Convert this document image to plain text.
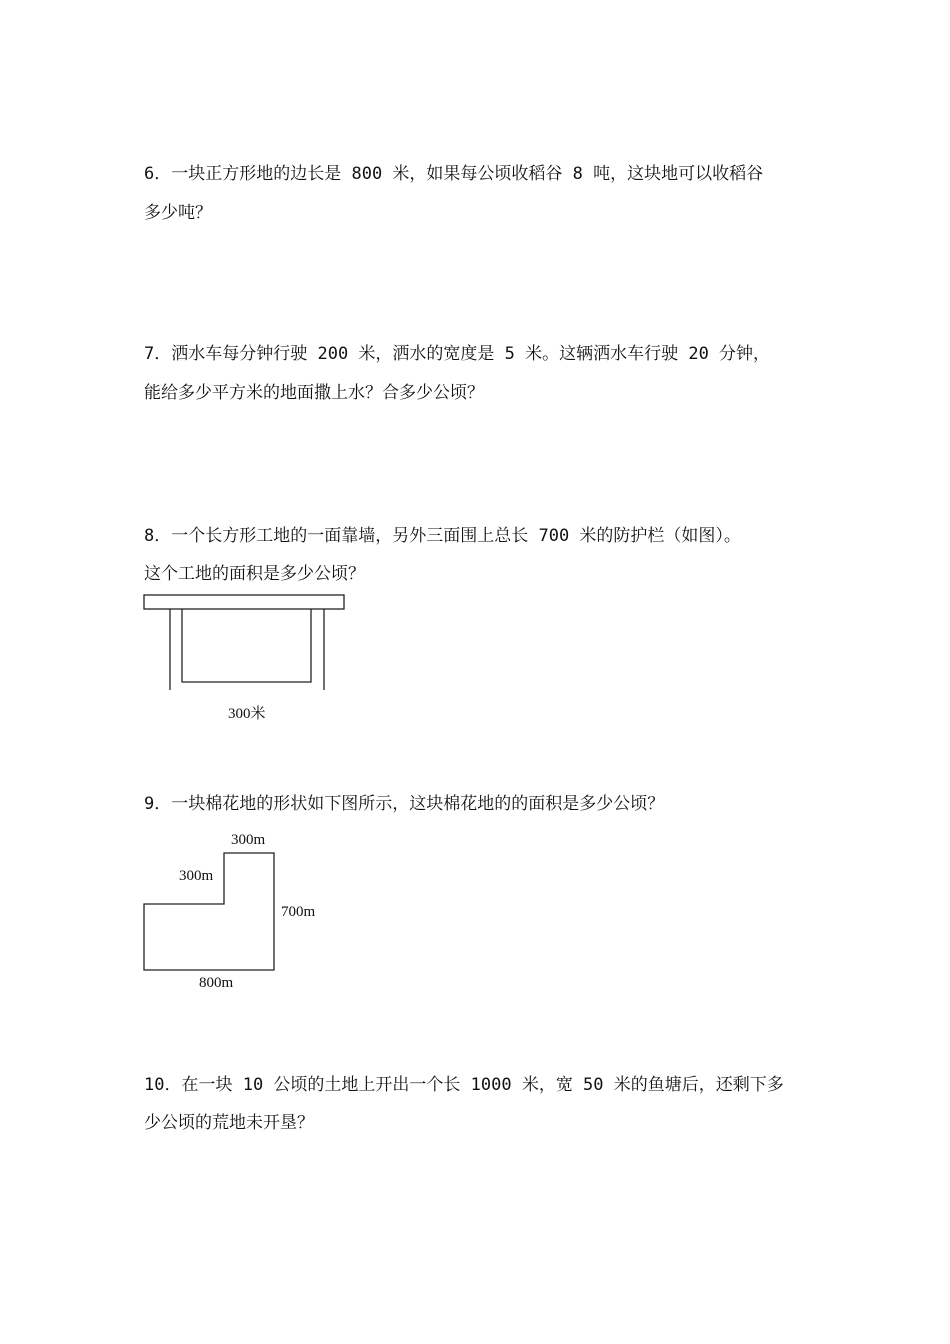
6．一块正方形地的边长是 800 米，如果每公顷收稻谷 8 吨，这块地可以收稻谷
多少吨？
7．洒水车每分钟行驶 200 米，洒水的宽度是 5 米。这辆洒水车行驶 20 分钟，
能给多少平方米的地面撒上水？合多少公顷？
8．一个长方形工地的一面靠墙，另外三面围上总长 700 米的防护栏（如图）。
这个工地的面积是多少公顷？
300米
9．一块棉花地的形状如下图所示，这块棉花地的的面积是多少公顷？
300m
300m
700m
800m
10．在一块 10 公顷的土地上开出一个长 1000 米，宽 50 米的鱼塘后，还剩下多
少公顷的荒地未开垦？
